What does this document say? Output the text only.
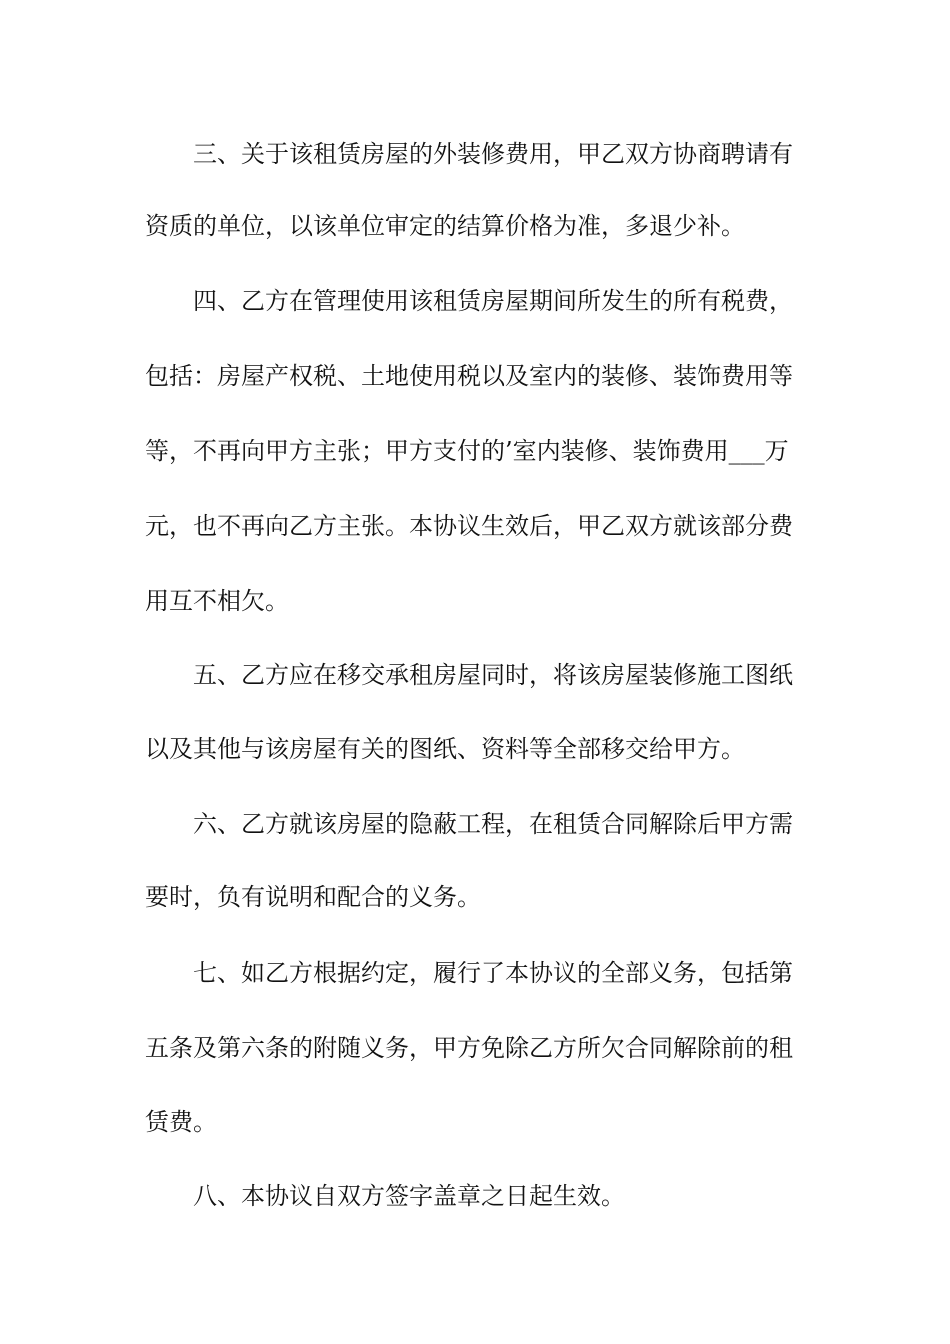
三、关于该租赁房屋的外装修费用，甲乙双方协商聘请有
资质的单位，以该单位审定的结算价格为准，多退少补。
四、乙方在管理使用该租赁房屋期间所发生的所有税费，
包括：房屋产权税、土地使用税以及室内的装修、装饰费用等
等，不再向甲方主张；甲方支付的’室内装修、装饰费用___万
元，也不再向乙方主张。本协议生效后，甲乙双方就该部分费
用互不相欠。
五、乙方应在移交承租房屋同时，将该房屋装修施工图纸
以及其他与该房屋有关的图纸、资料等全部移交给甲方。
六、乙方就该房屋的隐蔽工程，在租赁合同解除后甲方需
要时，负有说明和配合的义务。
七、如乙方根据约定，履行了本协议的全部义务，包括第
五条及第六条的附随义务，甲方免除乙方所欠合同解除前的租
赁费。
八、本协议自双方签字盖章之日起生效。
